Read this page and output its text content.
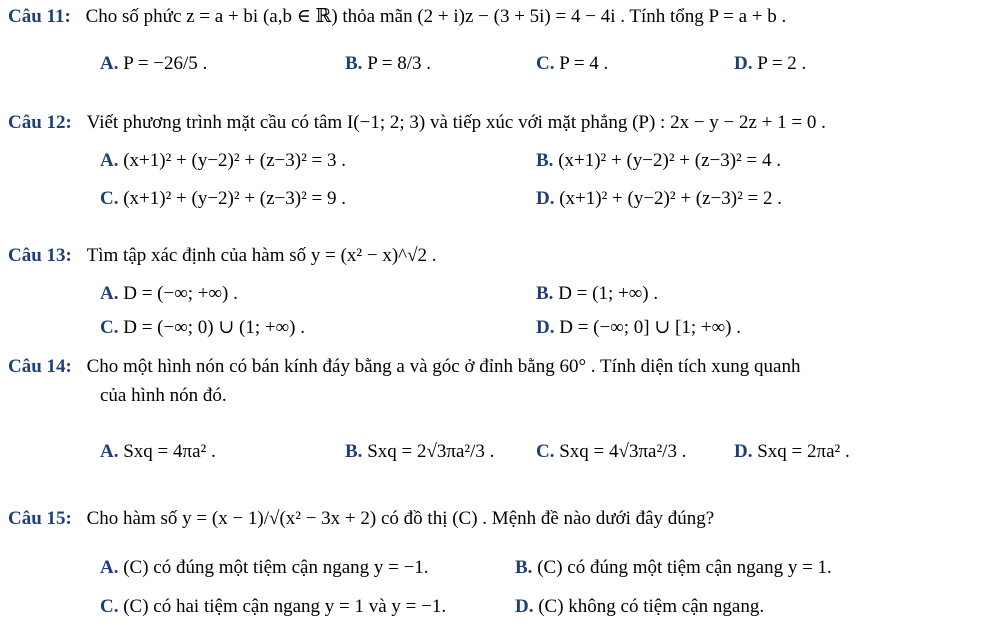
Câu 11: Cho số phức z = a + bi (a,b ∈ ℝ) thỏa mãn (2 + i)z − (3 + 5i) = 4 − 4i . Tính tổng P = a + b .
A. P = −26/5 .	B. P = 8/3 .	C. P = 4 .	D. P = 2 .
Câu 12: Viết phương trình mặt cầu có tâm I(−1; 2; 3) và tiếp xúc với mặt phẳng (P) : 2x − y − 2z + 1 = 0 .
A. (x+1)² + (y−2)² + (z−3)² = 3 .	B. (x+1)² + (y−2)² + (z−3)² = 4 .
C. (x+1)² + (y−2)² + (z−3)² = 9 .	D. (x+1)² + (y−2)² + (z−3)² = 2 .
Câu 13: Tìm tập xác định của hàm số y = (x² − x)^√2 .
A. D = (−∞; +∞) .	B. D = (1; +∞) .
C. D = (−∞; 0) ∪ (1; +∞) .	D. D = (−∞; 0] ∪ [1; +∞) .
Câu 14: Cho một hình nón có bán kính đáy bằng a và góc ở đỉnh bằng 60° . Tính diện tích xung quanh
của hình nón đó.
A. Sxq = 4πa² .	B. Sxq = 2√3πa²/3 . C. Sxq = 4√3πa²/3 .	D. Sxq = 2πa² .
Câu 15: Cho hàm số y = (x − 1)/√(x² − 3x + 2) có đồ thị (C) . Mệnh đề nào dưới đây đúng?
A. (C) có đúng một tiệm cận ngang y = −1.	B. (C) có đúng một tiệm cận ngang y = 1.
C. (C) có hai tiệm cận ngang y = 1 và y = −1.	D. (C) không có tiệm cận ngang.
